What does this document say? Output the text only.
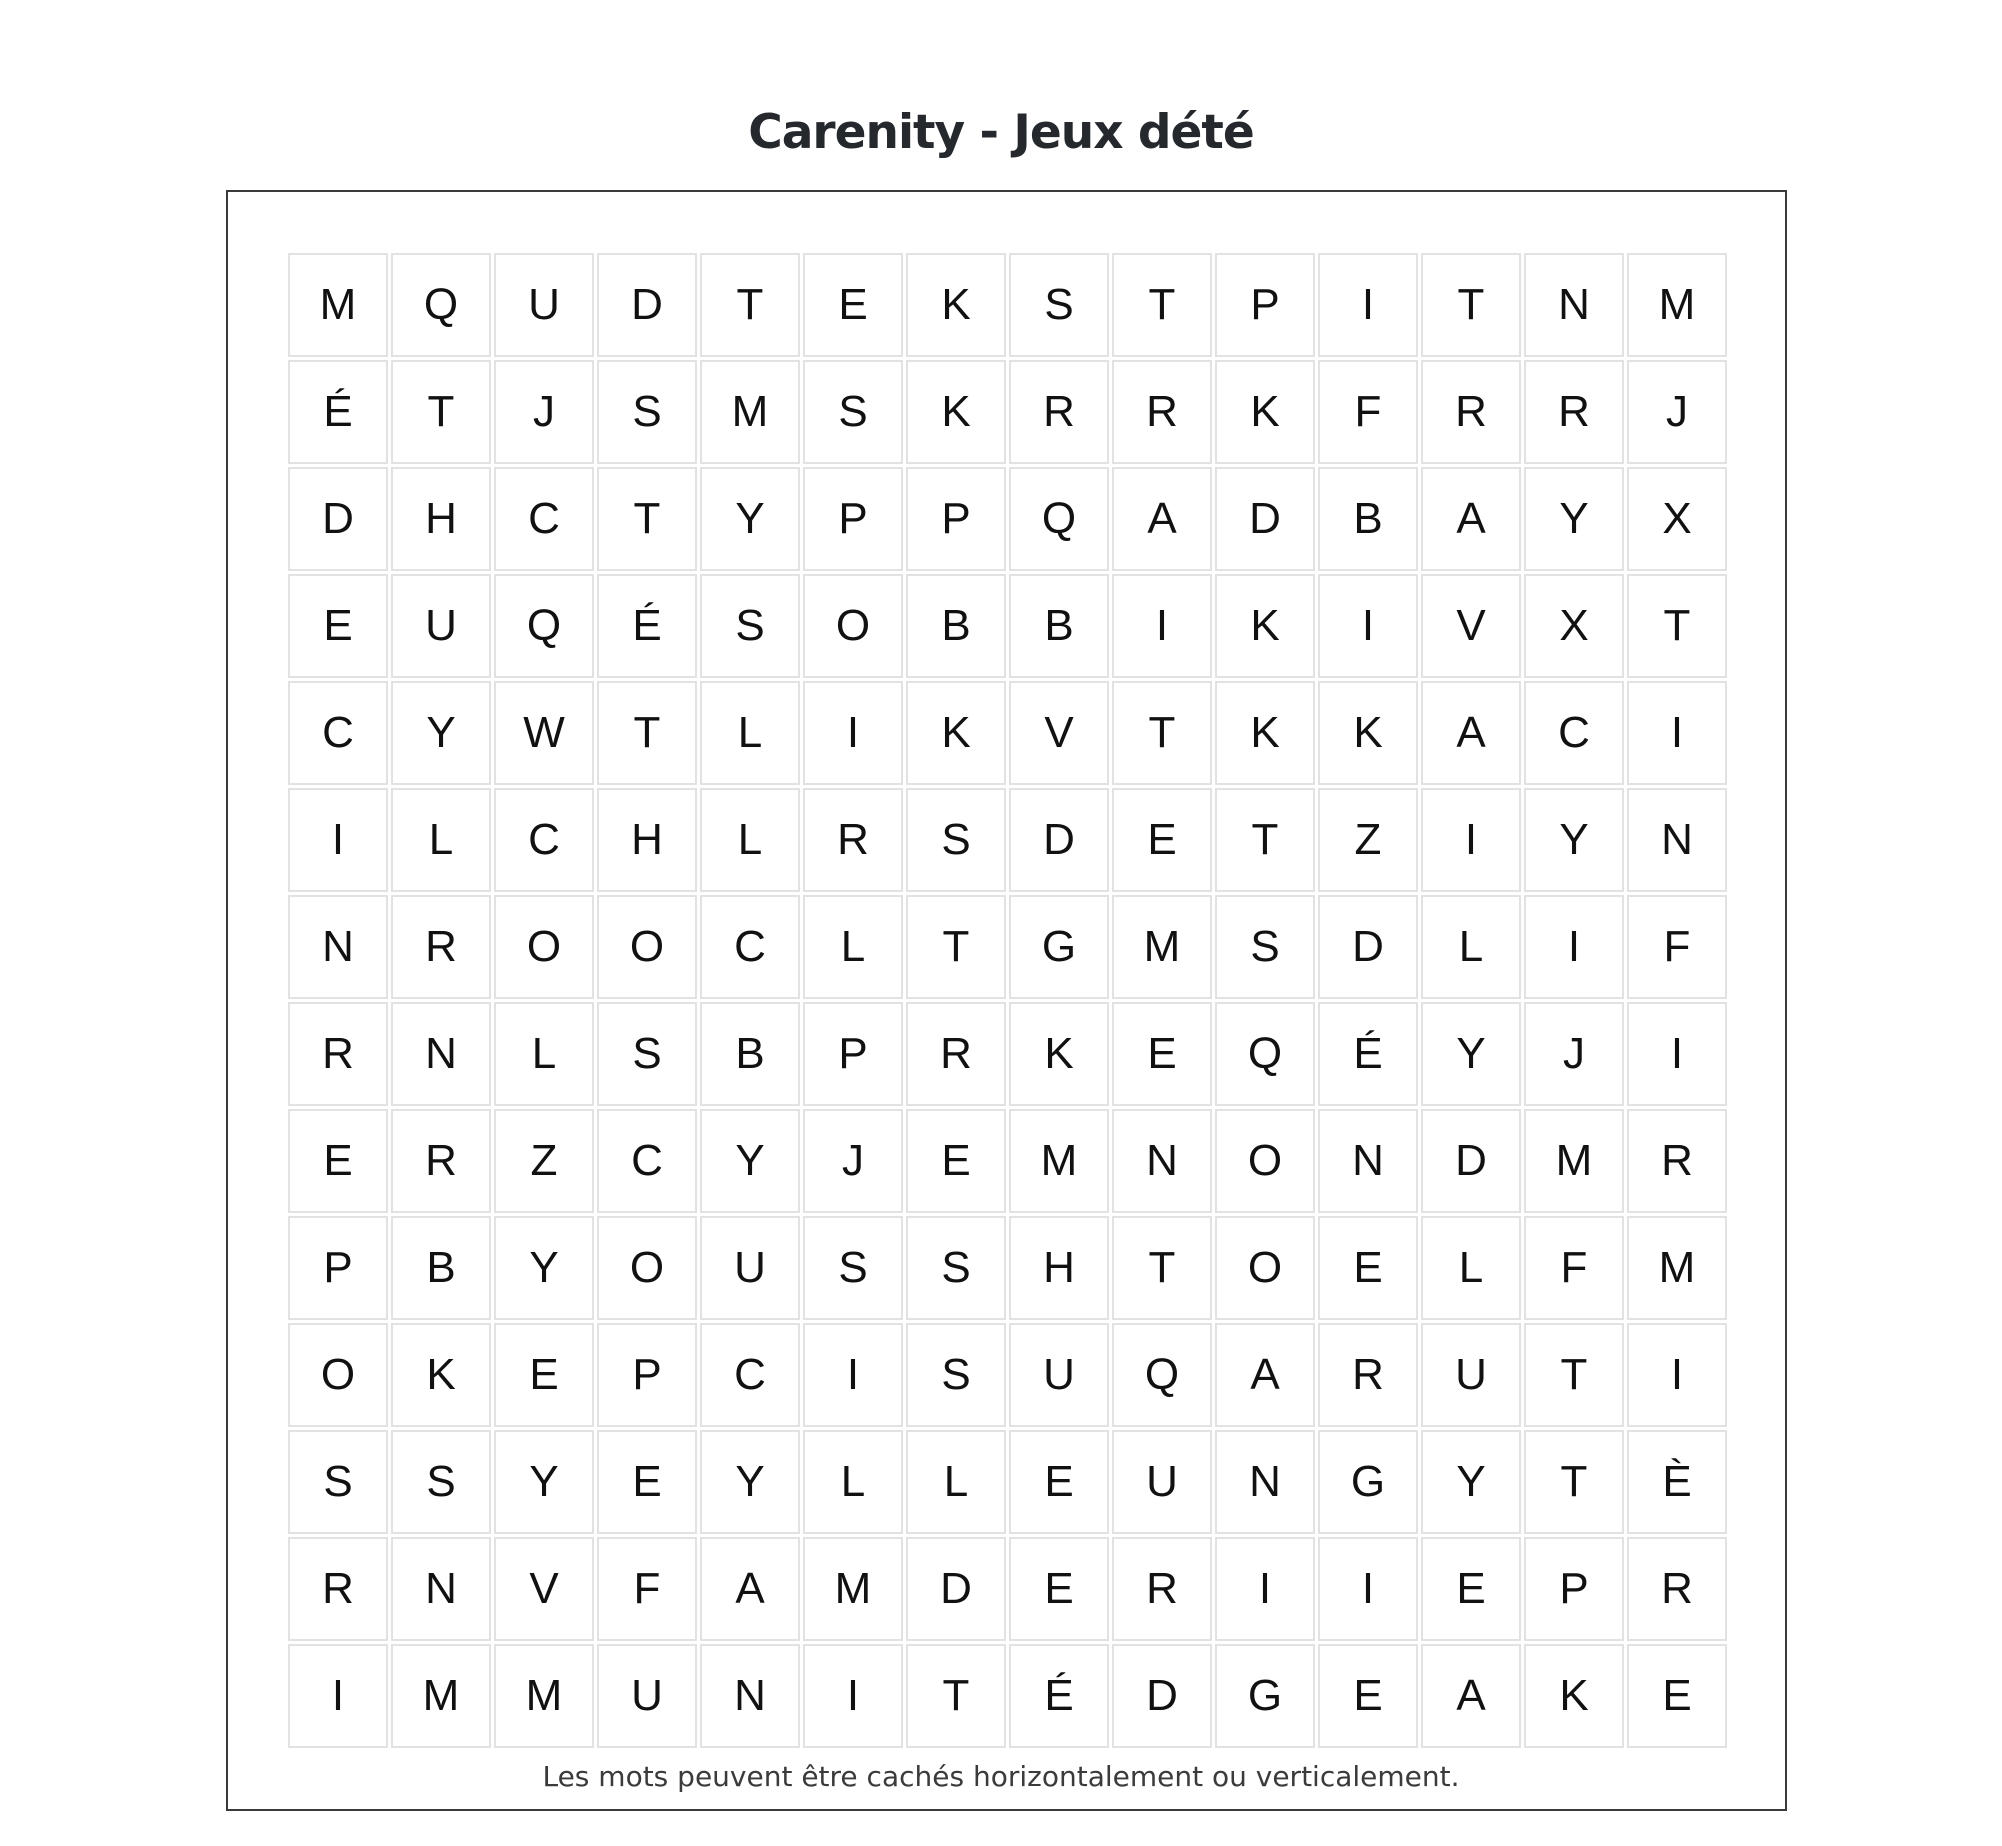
Carenity - Jeux dété
M	Q	U	D	T	E	K	S	T	P	I	T	N	M
É	T	J	S	M	S	K	R	R	K	F	R	R	J
D	H	C	T	Y	P	P	Q	A	D	B	A	Y	X
E	U	Q	É	S	O	B	B	I	K	I	V	X	T
C	Y	W	T	L	I	K	V	T	K	K	A	C	I
I	L	C	H	L	R	S	D	E	T	Z	I	Y	N
N	R	O	O	C	L	T	G	M	S	D	L	I	F
R	N	L	S	B	P	R	K	E	Q	É	Y	J	I
E	R	Z	C	Y	J	E	M	N	O	N	D	M	R
P	B	Y	O	U	S	S	H	T	O	E	L	F	M
O	K	E	P	C	I	S	U	Q	A	R	U	T	I
S	S	Y	E	Y	L	L	E	U	N	G	Y	T	È
R	N	V	F	A	M	D	E	R	I	I	E	P	R
I	M	M	U	N	I	T	É	D	G	E	A	K	E
Les mots peuvent être cachés horizontalement ou verticalement.
